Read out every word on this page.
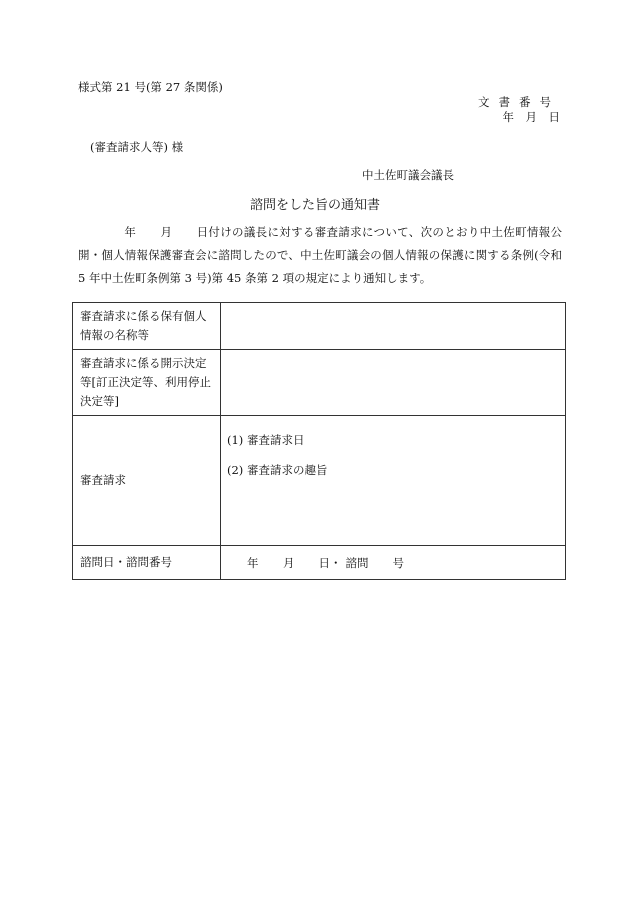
様式第 21 号(第 27 条関係)
文書番号
年　月　日
(審査請求人等) 様
中土佐町議会議長
諮問をした旨の通知書
年 月 日付けの議長に対する審査請求について、次のとおり中土佐町情報公開・個人情報保護審査会に諮問したので、中土佐町議会の個人情報の保護に関する条例(令和 5 年中土佐町条例第 3 号)第 45 条第 2 項の規定により通知します。
審査請求に係る保有個人情報の名称等	
審査請求に係る開示決定等[訂正決定等、利用停止決定等]	
審査請求	(1) 審査請求日
(2) 審査請求の趣旨

諮問日・諮問番号	年 月 日・ 諮問 号
